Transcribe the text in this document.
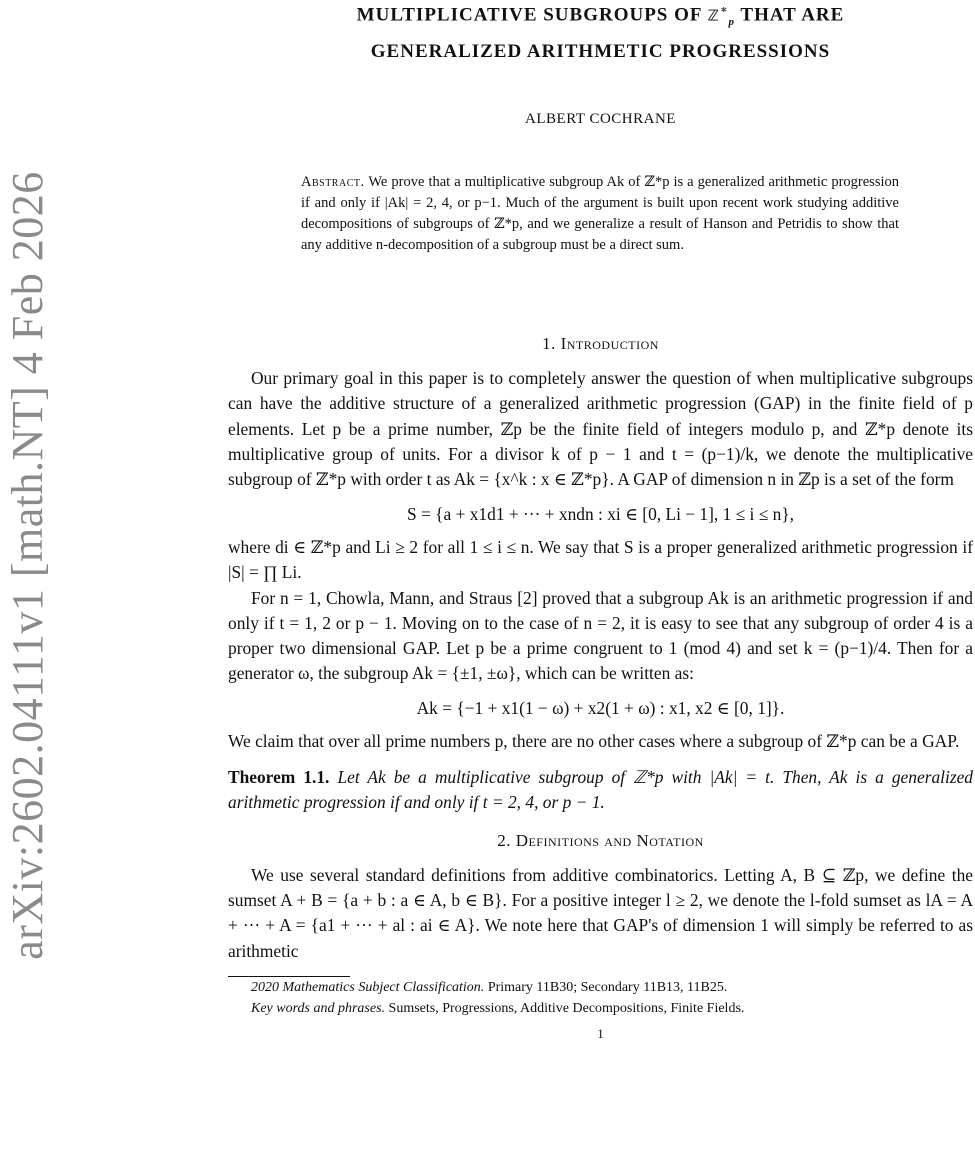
arXiv:2602.04111v1 [math.NT] 4 Feb 2026
MULTIPLICATIVE SUBGROUPS OF ℤ∗$_p$ THAT ARE
GENERALIZED ARITHMETIC PROGRESSIONS
ALBERT COCHRANE
Abstract. We prove that a multiplicative subgroup Ak of ℤ*p is a generalized arithmetic progression if and only if |Ak| = 2, 4, or p−1. Much of the argument is built upon recent work studying additive decompositions of subgroups of ℤ*p, and we generalize a result of Hanson and Petridis to show that any additive n-decomposition of a subgroup must be a direct sum.
1. Introduction

Our primary goal in this paper is to completely answer the question of when multiplicative subgroups can have the additive structure of a generalized arithmetic progression (GAP) in the finite field of p elements. Let p be a prime number, ℤp be the finite field of integers modulo p, and ℤ*p denote its multiplicative group of units. For a divisor k of p − 1 and t = (p−1)/k, we denote the multiplicative subgroup of ℤ*p with order t as Ak = {x^k : x ∈ ℤ*p}. A GAP of dimension n in ℤp is a set of the form

S = {a + x1d1 + ··· + xndn : xi ∈ [0, Li − 1], 1 ≤ i ≤ n},

where di ∈ ℤ*p and Li ≥ 2 for all 1 ≤ i ≤ n. We say that S is a proper generalized arithmetic progression if |S| = ∏ Li.

For n = 1, Chowla, Mann, and Straus [2] proved that a subgroup Ak is an arithmetic progression if and only if t = 1, 2 or p − 1. Moving on to the case of n = 2, it is easy to see that any subgroup of order 4 is a proper two dimensional GAP. Let p be a prime congruent to 1 (mod 4) and set k = (p−1)/4. Then for a generator ω, the subgroup Ak = {±1, ±ω}, which can be written as:

Ak = {−1 + x1(1 − ω) + x2(1 + ω) : x1, x2 ∈ [0, 1]}.

We claim that over all prime numbers p, there are no other cases where a subgroup of ℤ*p can be a GAP.

Theorem 1.1. Let Ak be a multiplicative subgroup of ℤ*p with |Ak| = t. Then, Ak is a generalized arithmetic progression if and only if t = 2, 4, or p − 1.
2. Definitions and Notation

We use several standard definitions from additive combinatorics. Letting A, B ⊆ ℤp, we define the sumset A + B = {a + b : a ∈ A, b ∈ B}. For a positive integer l ≥ 2, we denote the l-fold sumset as lA = A + ··· + A = {a1 + ··· + al : ai ∈ A}. We note here that GAP's of dimension 1 will simply be referred to as arithmetic

2020 Mathematics Subject Classification. Primary 11B30; Secondary 11B13, 11B25.
Key words and phrases. Sumsets, Progressions, Additive Decompositions, Finite Fields.
1
